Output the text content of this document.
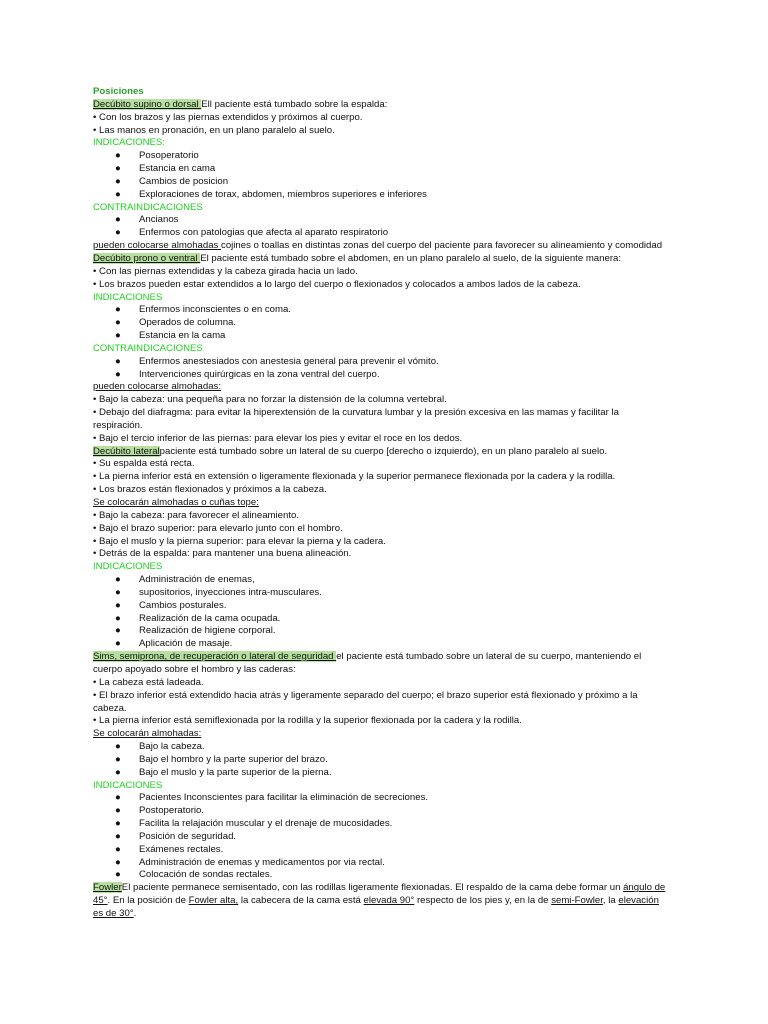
Posiciones
Decúbito supino o dorsal Ell paciente está tumbado sobre la espalda:
• Con los brazos y las piernas extendidos y próximos al cuerpo.
• Las manos en pronación, en un plano paralelo al suelo.
INDICACIONES:
● Posoperatorio
● Estancia en cama
● Cambios de posicion
● Exploraciones de torax, abdomen, miembros superiores e inferiores
CONTRAINDICACIONES
● Ancianos
● Enfermos con patologias que afecta al aparato respiratorio
pueden colocarse almohadas cojines o toallas en distintas zonas del cuerpo del paciente para favorecer su alineamiento y comodidad
Decúbito prono o ventral El paciente está tumbado sobre el abdomen, en un plano paralelo al suelo, de la siguiente manera:
• Con las piernas extendidas y la cabeza girada hacia un lado.
• Los brazos pueden estar extendidos a lo largo del cuerpo o flexionados y colocados a ambos lados de la cabeza.
INDICACIONES
● Enfermos inconscientes o en coma.
● Operados de columna.
● Estancia en la cama
CONTRAINDICACIONES
● Enfermos anestesiados con anestesia general para prevenir el vómito.
● Intervenciones quirúrgicas en la zona ventral del cuerpo.
pueden colocarse almohadas:
• Bajo la cabeza: una pequeña para no forzar la distensión de la columna vertebral.
• Debajo del diafragma: para evitar la hiperextensión de la curvatura lumbar y la presión excesiva en las mamas y facilitar la respiración.
• Bajo el tercio inferior de las piernas: para elevar los pies y evitar el roce en los dedos.
Decúbito lateralpaciente está tumbado sobre un lateral de su cuerpo [derecho o izquierdo), en un plano paralelo al suelo.
• Su espalda está recta.
• La pierna inferior está en extensión o ligeramente flexionada y la superior permanece flexionada por la cadera y la rodilla.
• Los brazos están flexionados y próximos a la cabeza.
Se colocarán almohadas o cuñas tope:
• Bajo la cabeza: para favorecer el alineamiento.
• Bajo el brazo superior: para elevarlo junto con el hombro.
• Bajo el muslo y la pierna superior: para elevar la pierna y la cadera.
• Detrás de la espalda: para mantener una buena alineación.
INDICACIONES
● Administración de enemas,
● supositorios, inyecciones intra-musculares.
● Cambios posturales.
● Realización de la cama ocupada.
● Realización de higiene corporal.
● Aplicación de masaje.
Sims, semiprona, de recuperación o lateral de seguridad el paciente está tumbado sobre un lateral de su cuerpo, manteniendo el cuerpo apoyado sobre el hombro y las caderas:
• La cabeza está ladeada.
• El brazo inferior está extendido hacia atrás y ligeramente separado del cuerpo; el brazo superior está flexionado y próximo a la cabeza.
• La pierna inferior está semiflexionada por la rodilla y la superior flexionada por la cadera y la rodilla.
Se colocarán almohadas:
● Bajo la cabeza.
● Bajo el hombro y la parte superior del brazo.
● Bajo el muslo y la parte superior de la pierna.
INDICACIONES
● Pacientes Inconscientes para facilitar la eliminación de secreciones.
● Postoperatorio.
● Facilita la relajación muscular y el drenaje de mucosidades.
● Posición de seguridad.
● Exámenes rectales.
● Administración de enemas y medicamentos por via rectal.
● Colocación de sondas rectales.
FowlerEl paciente permanece semisentado, con las rodillas ligeramente flexionadas. El respaldo de la cama debe formar un ángulo de 45°. En la posición de Fowler alta, la cabecera de la cama está elevada 90° respecto de los pies y, en la de semi-Fowler, la elevación es de 30°.
